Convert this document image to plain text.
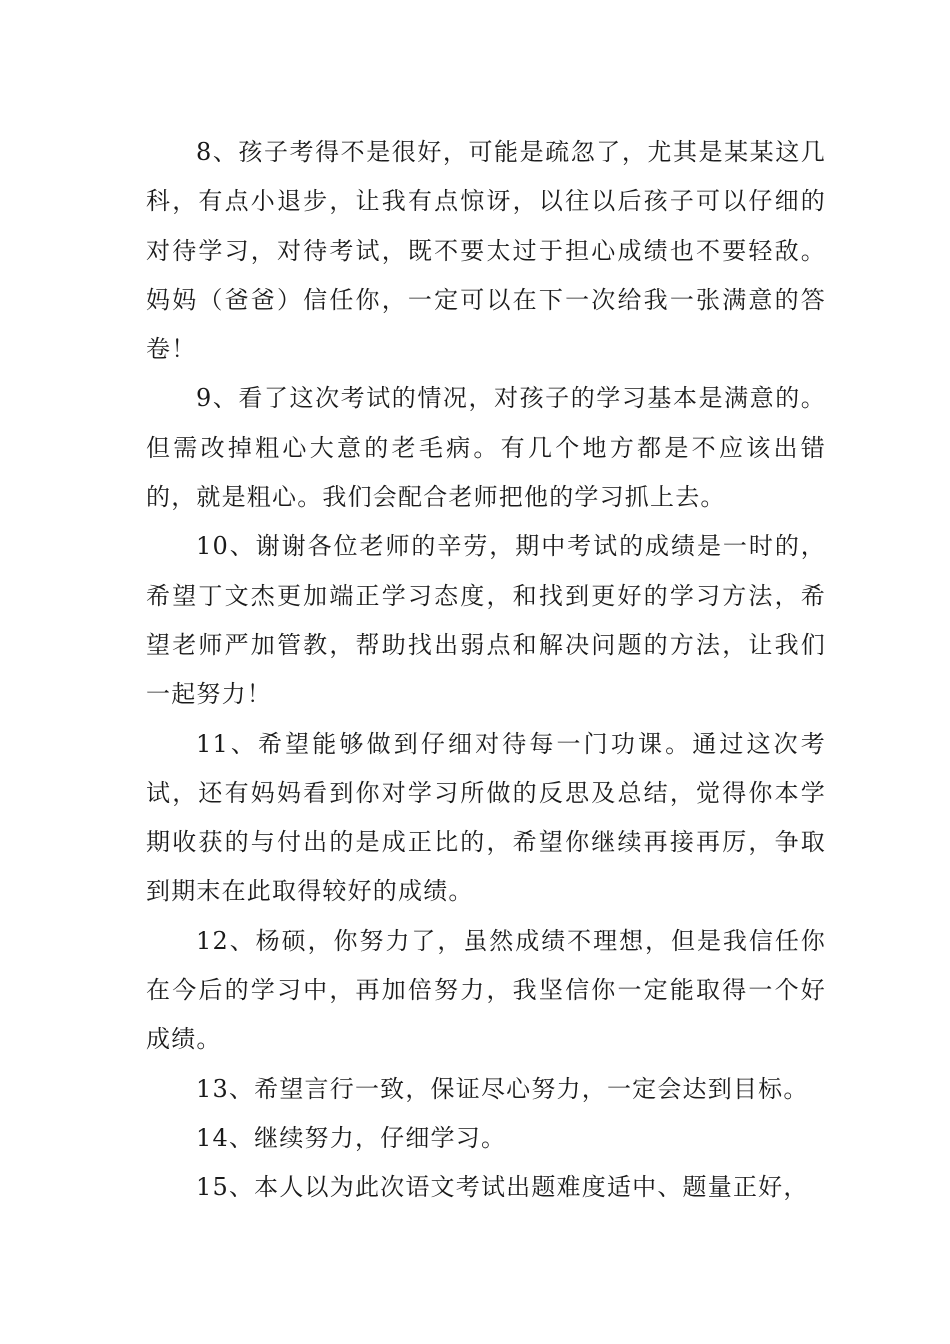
8、孩子考得不是很好，可能是疏忽了，尤其是某某这几科，有点小退步，让我有点惊讶，以往以后孩子可以仔细的对待学习，对待考试，既不要太过于担心成绩也不要轻敌。妈妈（爸爸）信任你，一定可以在下一次给我一张满意的答卷！

9、看了这次考试的情况，对孩子的学习基本是满意的。但需改掉粗心大意的老毛病。有几个地方都是不应该出错的，就是粗心。我们会配合老师把他的学习抓上去。

10、谢谢各位老师的辛劳，期中考试的成绩是一时的，希望丁文杰更加端正学习态度，和找到更好的学习方法，希望老师严加管教，帮助找出弱点和解决问题的方法，让我们一起努力！

11、希望能够做到仔细对待每一门功课。通过这次考试，还有妈妈看到你对学习所做的反思及总结，觉得你本学期收获的与付出的是成正比的，希望你继续再接再厉，争取到期末在此取得较好的成绩。

12、杨硕，你努力了，虽然成绩不理想，但是我信任你在今后的学习中，再加倍努力，我坚信你一定能取得一个好成绩。

13、希望言行一致，保证尽心努力，一定会达到目标。

14、继续努力，仔细学习。

15、本人以为此次语文考试出题难度适中、题量正好，
